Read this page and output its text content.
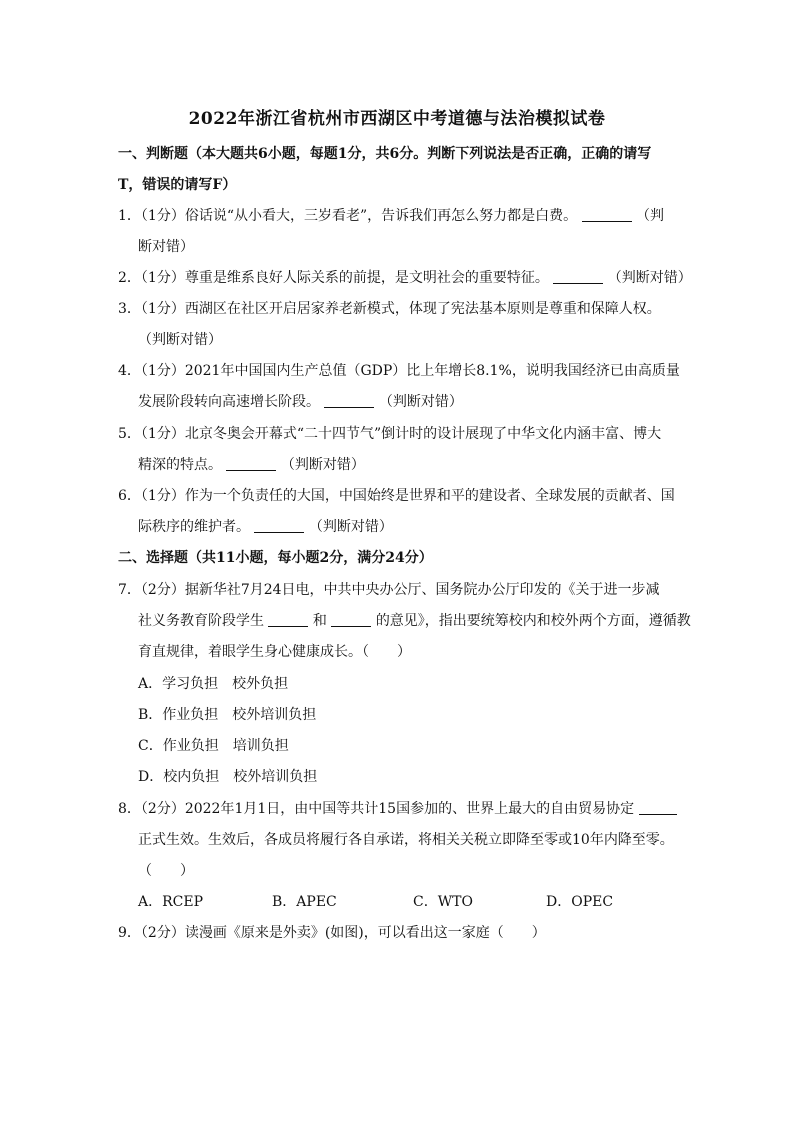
2022年浙江省杭州市西湖区中考道德与法治模拟试卷
一、判断题（本大题共6小题，每题1分，共6分。判断下列说法是否正确，正确的请写
T，错误的请写F）
1．（1分）俗话说“从小看大，三岁看老”，告诉我们再怎么努力都是白费。	（判
断对错）
2．（1分）尊重是维系良好人际关系的前提，是文明社会的重要特征。	（判断对错）
3．（1分）西湖区在社区开启居家养老新模式，体现了宪法基本原则是尊重和保障人权。
（判断对错）
4．（1分）2021年中国国内生产总值（GDP）比上年增长8.1%，说明我国经济已由高质量
发展阶段转向高速增长阶段。	（判断对错）
5．（1分）北京冬奥会开幕式“二十四节气”倒计时的设计展现了中华文化内涵丰富、博大
精深的特点。	（判断对错）
6．（1分）作为一个负责任的大国，中国始终是世界和平的建设者、全球发展的贡献者、国
际秩序的维护者。	（判断对错）
二、选择题（共11小题，每小题2分，满分24分）
7．（2分）据新华社7月24日电，中共中央办公厅、国务院办公厅印发的《关于进一步减
社义务教育阶段学生	和	的意见》，指出要统筹校内和校外两个方面，遵循教
育直规律，着眼学生身心健康成长。（　　）
A．学习负担　校外负担
B．作业负担　校外培训负担
C．作业负担　培训负担
D．校内负担　校外培训负担
8．（2分）2022年1月1日，由中国等共计15国参加的、世界上最大的自由贸易协定
正式生效。生效后，各成员将履行各自承诺，将相关关税立即降至零或10年内降至零。
（　　）
A．RCEP	B．APEC	C．WTO	D．OPEC
9．（2分）读漫画《原来是外卖》(如图)，可以看出这一家庭（　　）
